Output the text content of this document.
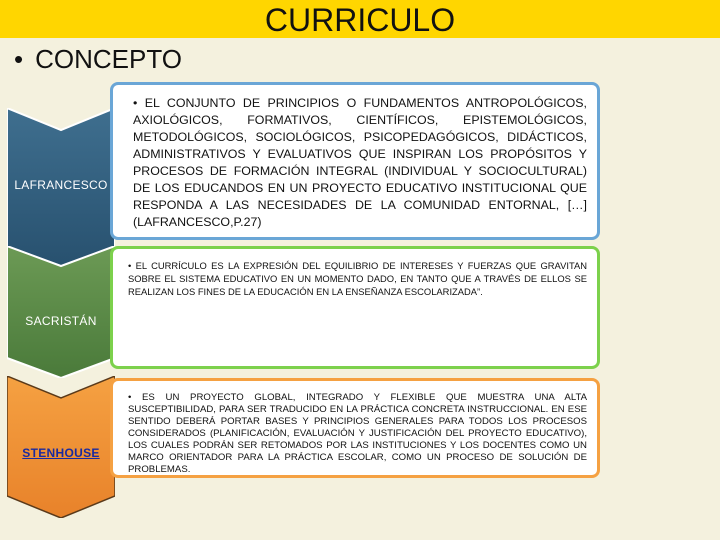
CURRICULO
• CONCEPTO
LAFRANCESCO
SACRISTÁN
STENHOUSE

• EL CONJUNTO DE PRINCIPIOS O FUNDAMENTOS ANTROPOLÓGICOS, AXIOLÓGICOS, FORMATIVOS, CIENTÍFICOS, EPISTEMOLÓGICOS, METODOLÓGICOS, SOCIOLÓGICOS, PSICOPEDAGÓGICOS, DIDÁCTICOS, ADMINISTRATIVOS Y EVALUATIVOS QUE INSPIRAN LOS PROPÓSITOS Y PROCESOS DE FORMACIÓN INTEGRAL (INDIVIDUAL Y SOCIOCULTURAL) DE LOS EDUCANDOS EN UN PROYECTO EDUCATIVO INSTITUCIONAL QUE RESPONDA A LAS NECESIDADES DE LA COMUNIDAD ENTORNAL, […](LAFRANCESCO,P.27)

• EL CURRÍCULO ES LA EXPRESIÓN DEL EQUILIBRIO DE INTERESES Y FUERZAS QUE GRAVITAN SOBRE EL SISTEMA EDUCATIVO EN UN MOMENTO DADO, EN TANTO QUE A TRAVÉS DE ELLOS SE REALIZAN LOS FINES DE LA EDUCACIÓN EN LA ENSEÑANZA ESCOLARIZADA”.

• ES UN PROYECTO GLOBAL, INTEGRADO Y FLEXIBLE QUE MUESTRA UNA ALTA SUSCEPTIBILIDAD, PARA SER TRADUCIDO EN LA PRÁCTICA CONCRETA INSTRUCCIONAL. EN ESE SENTIDO DEBERÁ PORTAR BASES Y PRINCIPIOS GENERALES PARA TODOS LOS PROCESOS CONSIDERADOS (PLANIFICACIÓN, EVALUACIÓN Y JUSTIFICACIÓN DEL PROYECTO EDUCATIVO), LOS CUALES PODRÁN SER RETOMADOS POR LAS INSTITUCIONES Y LOS DOCENTES COMO UN MARCO ORIENTADOR PARA LA PRÁCTICA ESCOLAR, COMO UN PROCESO DE SOLUCIÓN DE PROBLEMAS.
